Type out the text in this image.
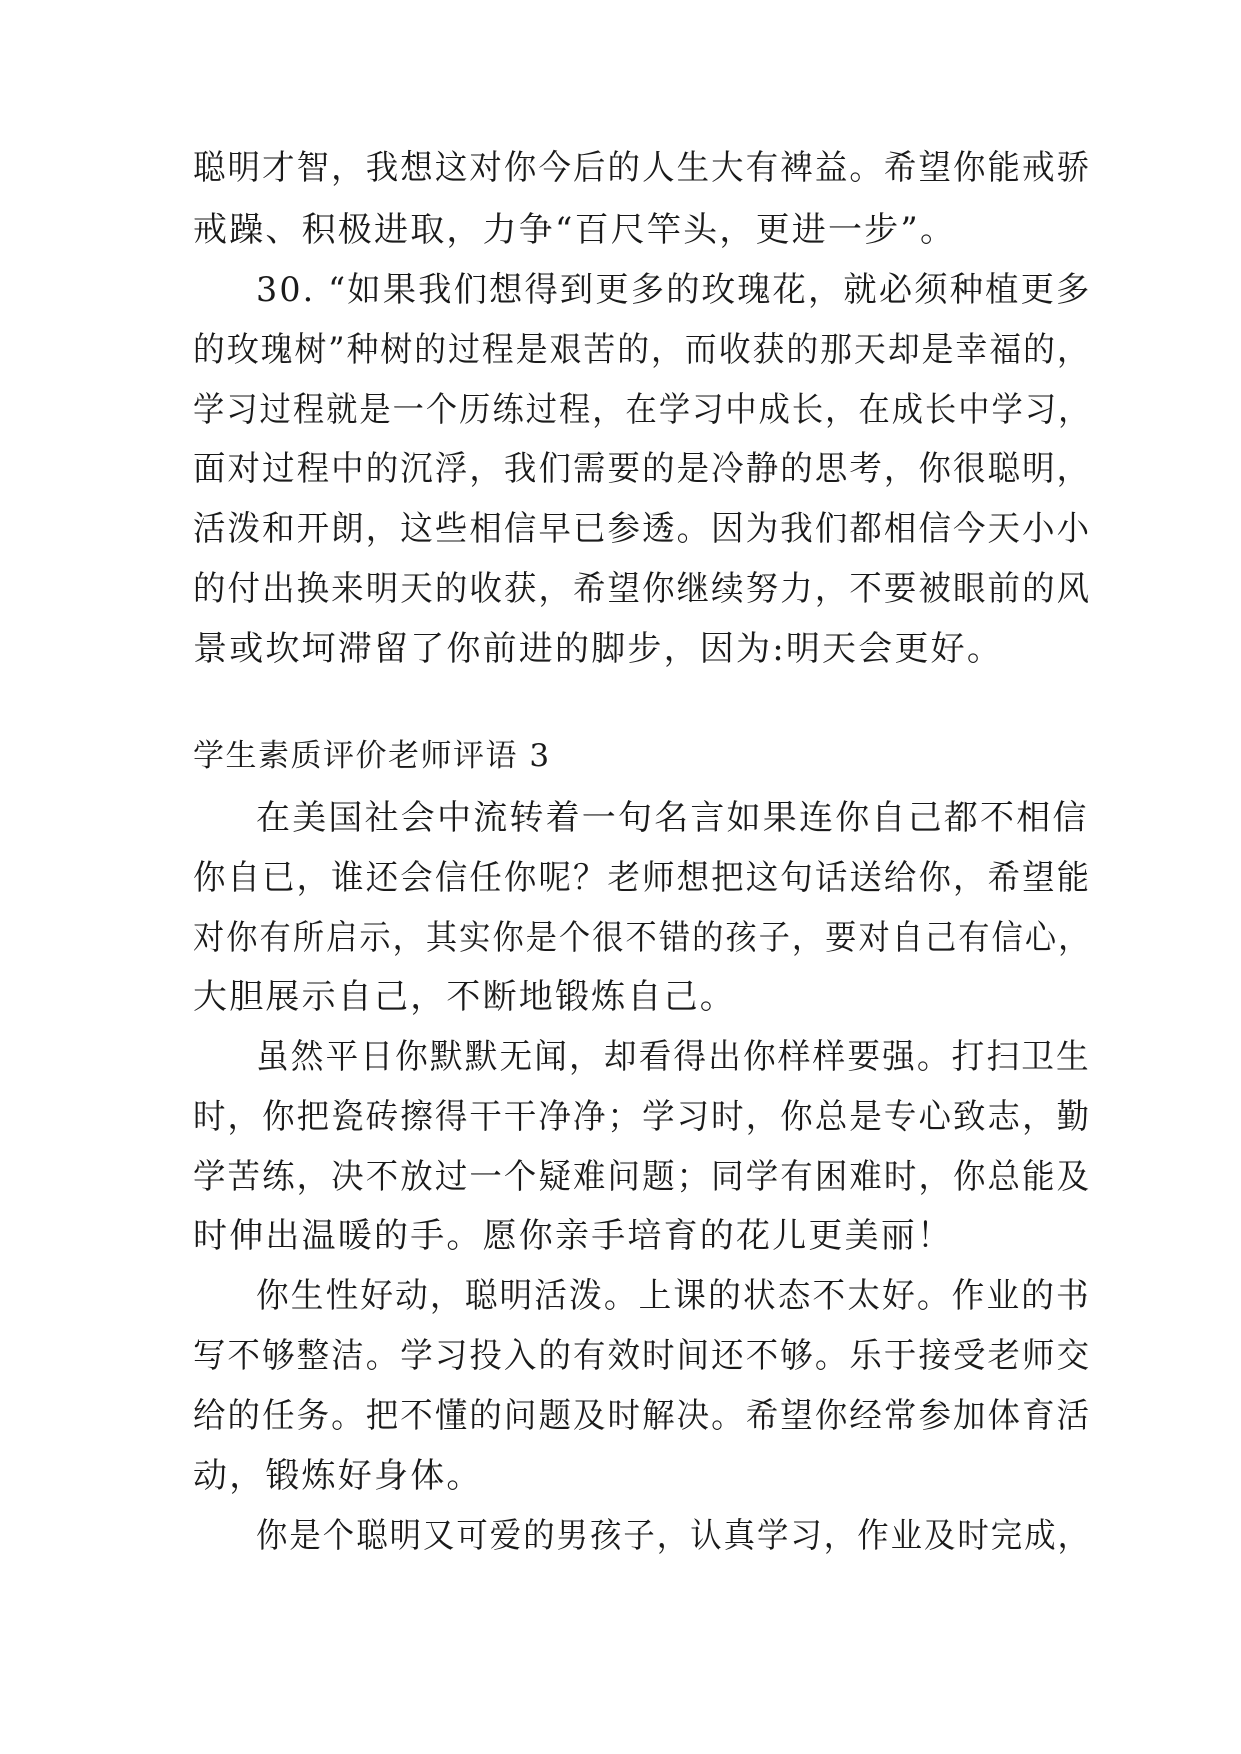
聪明才智，我想这对你今后的人生大有裨益。希望你能戒骄
戒躁、积极进取，力争“百尺竿头，更进一步”。
30. “如果我们想得到更多的玫瑰花，就必须种植更多
的玫瑰树”种树的过程是艰苦的，而收获的那天却是幸福的，
学习过程就是一个历练过程，在学习中成长，在成长中学习，
面对过程中的沉浮，我们需要的是冷静的思考，你很聪明，
活泼和开朗，这些相信早已参透。因为我们都相信今天小小
的付出换来明天的收获，希望你继续努力，不要被眼前的风
景或坎坷滞留了你前进的脚步，因为:明天会更好。
学生素质评价老师评语 3
在美国社会中流转着一句名言如果连你自己都不相信
你自已，谁还会信任你呢？老师想把这句话送给你，希望能
对你有所启示，其实你是个很不错的孩子，要对自己有信心，
大胆展示自己，不断地锻炼自己。
虽然平日你默默无闻，却看得出你样样要强。打扫卫生
时，你把瓷砖擦得干干净净；学习时，你总是专心致志，勤
学苦练，决不放过一个疑难问题；同学有困难时，你总能及
时伸出温暖的手。愿你亲手培育的花儿更美丽！
你生性好动，聪明活泼。上课的状态不太好。作业的书
写不够整洁。学习投入的有效时间还不够。乐于接受老师交
给的任务。把不懂的问题及时解决。希望你经常参加体育活
动，锻炼好身体。
你是个聪明又可爱的男孩子，认真学习，作业及时完成，
